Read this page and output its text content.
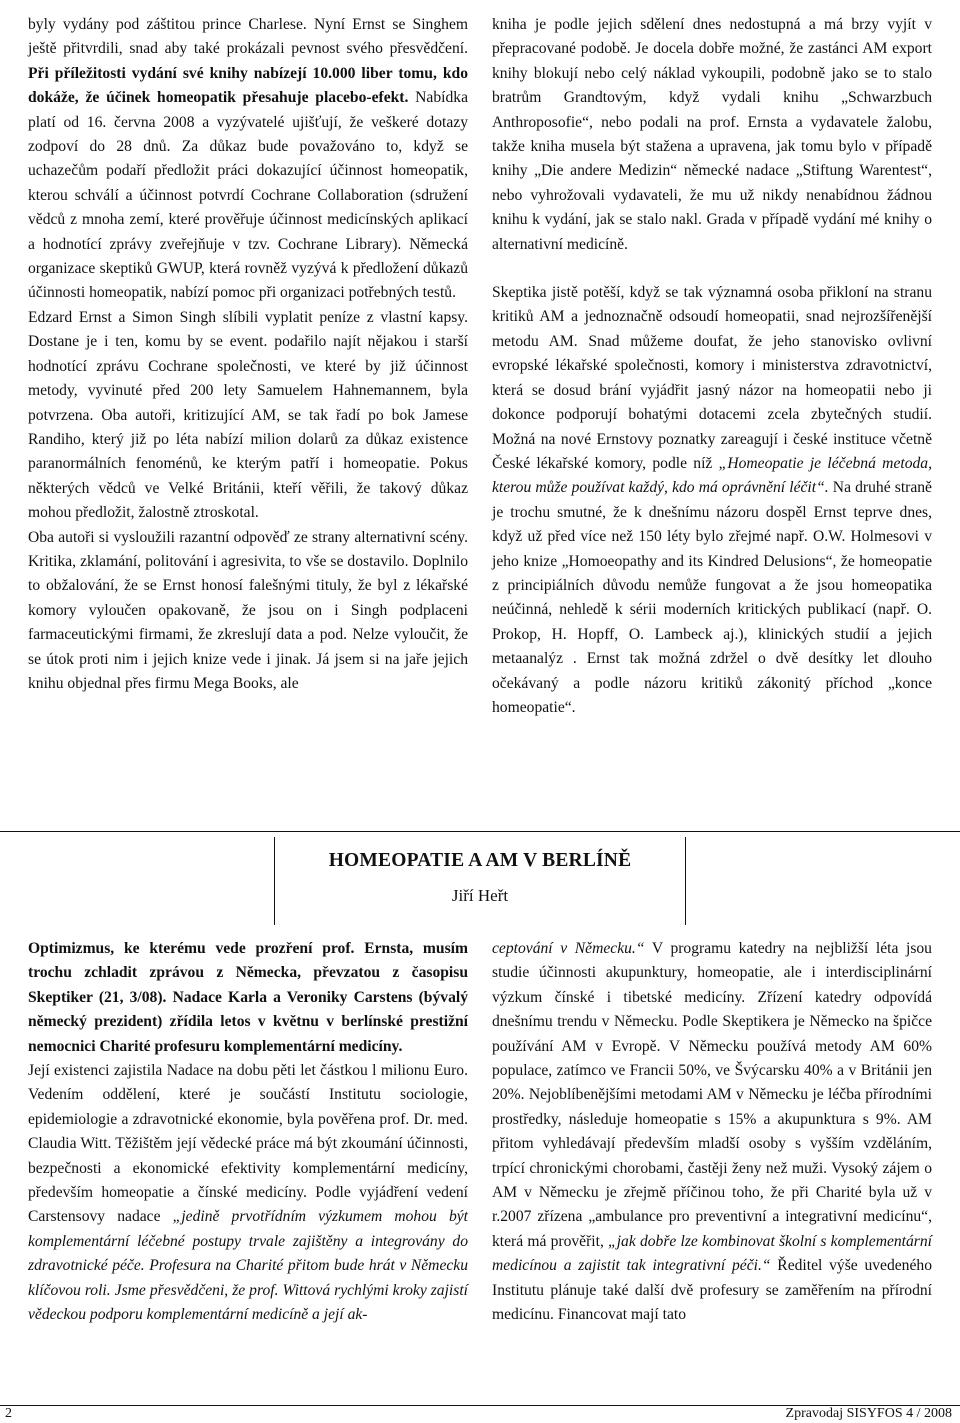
byly vydány pod záštitou prince Charlese. Nyní Ernst se Singhem ještě přitvrdili, snad aby také prokázali pevnost svého přesvědčení. Při příležitosti vydání své knihy nabízejí 10.000 liber tomu, kdo dokáže, že účinek homeopatik přesahuje placebo-efekt. Nabídka platí od 16. června 2008 a vyzývatelé ujišťují, že veškeré dotazy zodpoví do 28 dnů. Za důkaz bude považováno to, když se uchazečům podaří předložit práci dokazující účinnost homeopatik, kterou schválí a účinnost potvrdí Cochrane Collaboration (sdružení vědců z mnoha zemí, které prověřuje účinnost medicínských aplikací a hodnotící zprávy zveřejňuje v tzv. Cochrane Library). Německá organizace skeptiků GWUP, která rovněž vyzývá k předložení důkazů účinnosti homeopatik, nabízí pomoc při organizaci potřebných testů.

Edzard Ernst a Simon Singh slíbili vyplatit peníze z vlastní kapsy. Dostane je i ten, komu by se event. podařilo najít nějakou i starší hodnotící zprávu Cochrane společnosti, ve které by již účinnost metody, vyvinuté před 200 lety Samuelem Hahnemannem, byla potvrzena. Oba autoři, kritizující AM, se tak řadí po bok Jamese Randiho, který již po léta nabízí milion dolarů za důkaz existence paranormálních fenoménů, ke kterým patří i homeopatie. Pokus některých vědců ve Velké Británii, kteří věřili, že takový důkaz mohou předložit, žalostně ztroskotal.

Oba autoři si vysloužili razantní odpověď ze strany alternativní scény. Kritika, zklamání, politování i agresivita, to vše se dostavilo. Doplnilo to obžalování, že se Ernst honosí falešnými tituly, že byl z lékařské komory vyloučen opakovaně, že jsou on i Singh podplaceni farmaceutickými firmami, že zkreslují data a pod. Nelze vyloučit, že se útok proti nim i jejich knize vede i jinak. Já jsem si na jaře jejich knihu objednal přes firmu Mega Books, ale

kniha je podle jejich sdělení dnes nedostupná a má brzy vyjít v přepracované podobě. Je docela dobře možné, že zastánci AM export knihy blokují nebo celý náklad vykoupili, podobně jako se to stalo bratrům Grandtovým, když vydali knihu „Schwarzbuch Anthroposofie“, nebo podali na prof. Ernsta a vydavatele žalobu, takže kniha musela být stažena a upravena, jak tomu bylo v případě knihy „Die andere Medizin“ německé nadace „Stiftung Warentest“, nebo vyhrožovali vydavateli, že mu už nikdy nenabídnou žádnou knihu k vydání, jak se stalo nakl. Grada v případě vydání mé knihy o alternativní medicíně.

Skeptika jistě potěší, když se tak významná osoba přikloní na stranu kritiků AM a jednoznačně odsoudí homeopatii, snad nejrozšířenější metodu AM. Snad můžeme doufat, že jeho stanovisko ovlivní evropské lékařské společnosti, komory i ministerstva zdravotnictví, která se dosud brání vyjádřit jasný názor na homeopatii nebo ji dokonce podporují bohatými dotacemi zcela zbytečných studií. Možná na nové Ernstovy poznatky zareagují i české instituce včetně České lékařské komory, podle níž „Homeopatie je léčebná metoda, kterou může používat každý, kdo má oprávnění léčit“. Na druhé straně je trochu smutné, že k dnešnímu názoru dospěl Ernst teprve dnes, když už před více než 150 léty bylo zřejmé např. O.W. Holmesovi v jeho knize „Homoeopathy and its Kindred Delusions“, že homeopatie z principiálních důvodu nemůže fungovat a že jsou homeopatika neúčinná, nehledě k sérii moderních kritických publikací (např. O. Prokop, H. Hopff, O. Lambeck aj.), klinických studií a jejich metaanalýz . Ernst tak možná zdržel o dvě desítky let dlouho očekávaný a podle názoru kritiků zákonitý příchod „konce homeopatie“.

HOMEOPATIE A AM V BERLÍNĚ
Jiří Heřt

Optimizmus, ke kterému vede prozření prof. Ernsta, musím trochu zchladit zprávou z Německa, převzatou z časopisu Skeptiker (21, 3/08). Nadace Karla a Veroniky Carstens (bývalý německý prezident) zřídila letos v květnu v berlínské prestižní nemocnici Charité profesuru komplementární medicíny.

Její existenci zajistila Nadace na dobu pěti let částkou l milionu Euro. Vedením oddělení, které je součástí Institutu sociologie, epidemiologie a zdravotnické ekonomie, byla pověřena prof. Dr. med. Claudia Witt. Těžištěm její vědecké práce má být zkoumání účinnosti, bezpečnosti a ekonomické efektivity komplementární medicíny, především homeopatie a čínské medicíny. Podle vyjádření vedení Carstensovy nadace „jedině prvotřídním výzkumem mohou být komplementární léčebné postupy trvale zajištěny a integrovány do zdravotnické péče. Profesura na Charité přitom bude hrát v Německu klíčovou roli. Jsme přesvědčeni, že prof. Wittová rychlými kroky zajistí vědeckou podporu komplementární medicíně a její ak-

ceptování v Německu.“ V programu katedry na nejbližší léta jsou studie účinnosti akupunktury, homeopatie, ale i interdisciplinární výzkum čínské i tibetské medicíny. Zřízení katedry odpovídá dnešnímu trendu v Německu. Podle Skeptikera je Německo na špičce používání AM v Evropě. V Německu používá metody AM 60% populace, zatímco ve Francii 50%, ve Švýcarsku 40% a v Británii jen 20%. Nejoblíbenějšími metodami AM v Německu je léčba přírodními prostředky, následuje homeopatie s 15% a akupunktura s 9%. AM přitom vyhledávají především mladší osoby s vyšším vzděláním, trpící chronickými chorobami, častěji ženy než muži. Vysoký zájem o AM v Německu je zřejmě příčinou toho, že při Charité byla už v r.2007 zřízena „ambulance pro preventivní a integrativní medicínu“, která má prověřit, „jak dobře lze kombinovat školní s komplementární medicínou a zajistit tak integrativní péči.“ Ředitel výše uvedeného Institutu plánuje také další dvě profesury se zaměřením na přírodní medicínu. Financovat mají tato

2	Zpravodaj SISYFOS 4 / 2008
